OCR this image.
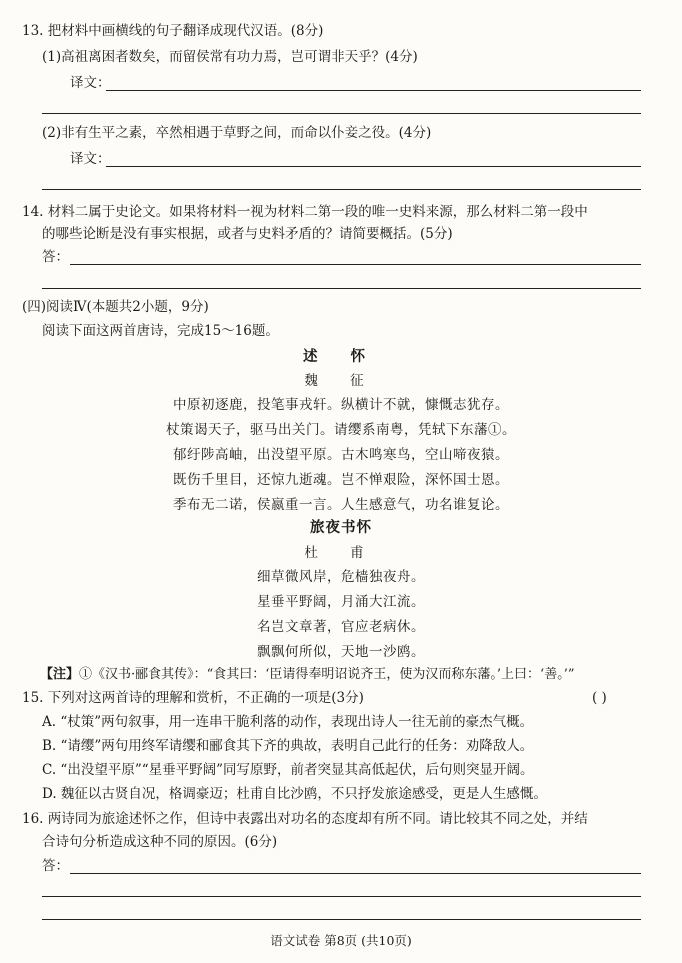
13. 把材料中画横线的句子翻译成现代汉语。(8分)
(1)高祖离困者数矣，而留侯常有功力焉，岂可谓非天乎？(4分)
译文：
(2)非有生平之素，卒然相遇于草野之间，而命以仆妾之役。(4分)
译文：
14. 材料二属于史论文。如果将材料一视为材料二第一段的唯一史料来源，那么材料二第一段中
的哪些论断是没有事实根据，或者与史料矛盾的？请简要概括。(5分)
答：
(四)阅读Ⅳ(本题共2小题，9分)
阅读下面这两首唐诗，完成15～16题。
述 怀
魏 征
中原初逐鹿，投笔事戎轩。纵横计不就，慷慨志犹存。
杖策谒天子，驱马出关门。请缨系南粤，凭轼下东藩①。
郁纡陟高岫，出没望平原。古木鸣寒鸟，空山啼夜猿。
既伤千里目，还惊九逝魂。岂不惮艰险，深怀国士恩。
季布无二诺，侯嬴重一言。人生感意气，功名谁复论。
旅夜书怀
杜 甫
细草微风岸，危樯独夜舟。
星垂平野阔，月涌大江流。
名岂文章著，官应老病休。
飘飘何所似，天地一沙鸥。
【注】①《汉书·郦食其传》：“食其曰：‘臣请得奉明诏说齐王，使为汉而称东藩。’上曰：‘善。’”
15. 下列对这两首诗的理解和赏析，不正确的一项是(3分)	( )
A. “杖策”两句叙事，用一连串干脆利落的动作，表现出诗人一往无前的豪杰气概。
B. “请缨”两句用终军请缨和郦食其下齐的典故，表明自己此行的任务：劝降敌人。
C. “出没望平原”“星垂平野阔”同写原野，前者突显其高低起伏，后句则突显开阔。
D. 魏征以古贤自况，格调豪迈；杜甫自比沙鸥，不只抒发旅途感受，更是人生感慨。
16. 两诗同为旅途述怀之作，但诗中表露出对功名的态度却有所不同。请比较其不同之处，并结
合诗句分析造成这种不同的原因。(6分)
答：
语文试卷 第8页 (共10页)
